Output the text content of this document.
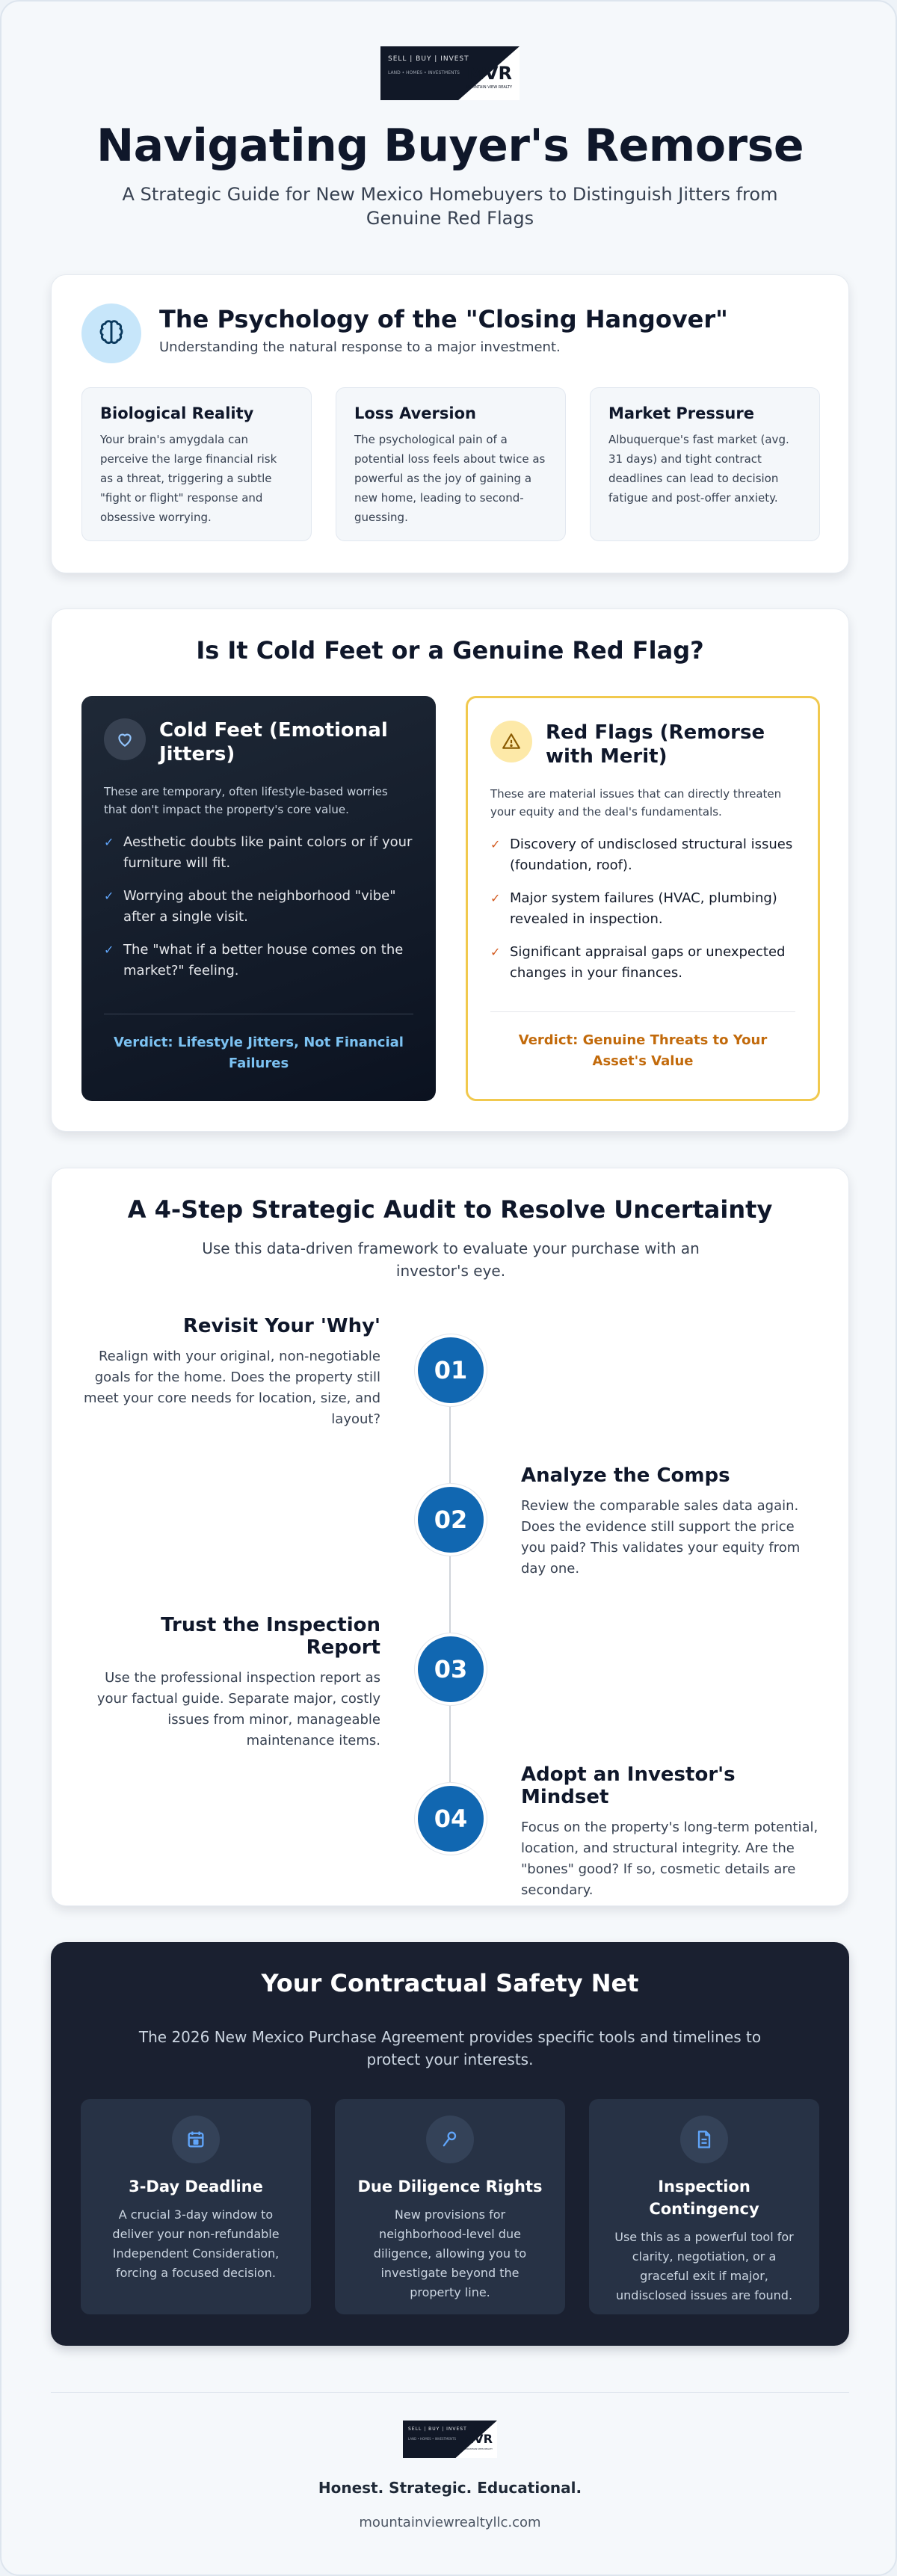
SELL | BUY | INVEST
LAND • HOMES • INVESTMENTS MVR
MOUNTAIN VIEW REALTY
Navigating Buyer's Remorse

A Strategic Guide for New Mexico Homebuyers to Distinguish Jitters from Genuine Red Flags

The Psychology of the "Closing Hangover"

Understanding the natural response to a major investment.

Biological Reality

Your brain's amygdala can perceive the large financial risk as a threat, triggering a subtle "fight or flight" response and obsessive worrying.

Loss Aversion

The psychological pain of a potential loss feels about twice as powerful as the joy of gaining a new home, leading to second-guessing.

Market Pressure

Albuquerque's fast market (avg. 31 days) and tight contract deadlines can lead to decision fatigue and post-offer anxiety.

Is It Cold Feet or a Genuine Red Flag?
Cold Feet (Emotional Jitters)

These are temporary, often lifestyle-based worries that don't impact the property's core value.

✓ Aesthetic doubts like paint colors or if your furniture will fit.
✓ Worrying about the neighborhood "vibe" after a single visit.
✓ The "what if a better house comes on the market?" feeling.

Verdict: Lifestyle Jitters, Not Financial Failures

Red Flags (Remorse with Merit)

These are material issues that can directly threaten your equity and the deal's fundamentals.

✓ Discovery of undisclosed structural issues (foundation, roof).
✓ Major system failures (HVAC, plumbing) revealed in inspection.
✓ Significant appraisal gaps or unexpected changes in your finances.

Verdict: Genuine Threats to Your Asset's Value

A 4-Step Strategic Audit to Resolve Uncertainty

Use this data-driven framework to evaluate your purchase with an investor's eye.

Revisit Your 'Why'

Realign with your original, non-negotiable goals for the home. Does the property still meet your core needs for location, size, and layout?

01
02
Analyze the Comps

Review the comparable sales data again. Does the evidence still support the price you paid? This validates your equity from day one.

Trust the Inspection Report

Use the professional inspection report as your factual guide. Separate major, costly issues from minor, manageable maintenance items.

03
04
Adopt an Investor's Mindset

Focus on the property's long-term potential, location, and structural integrity. Are the "bones" good? If so, cosmetic details are secondary.

Your Contractual Safety Net

The 2026 New Mexico Purchase Agreement provides specific tools and timelines to protect your interests.

3-Day Deadline

A crucial 3-day window to deliver your non-refundable Independent Consideration, forcing a focused decision.

Due Diligence Rights

New provisions for neighborhood-level due diligence, allowing you to investigate beyond the property line.

Inspection Contingency

Use this as a powerful tool for clarity, negotiation, or a graceful exit if major, undisclosed issues are found.

SELL | BUY | INVEST
LAND • HOMES • INVESTMENTS MVR
MOUNTAIN VIEW REALTY

Honest. Strategic. Educational.

mountainviewrealtyllc.com
